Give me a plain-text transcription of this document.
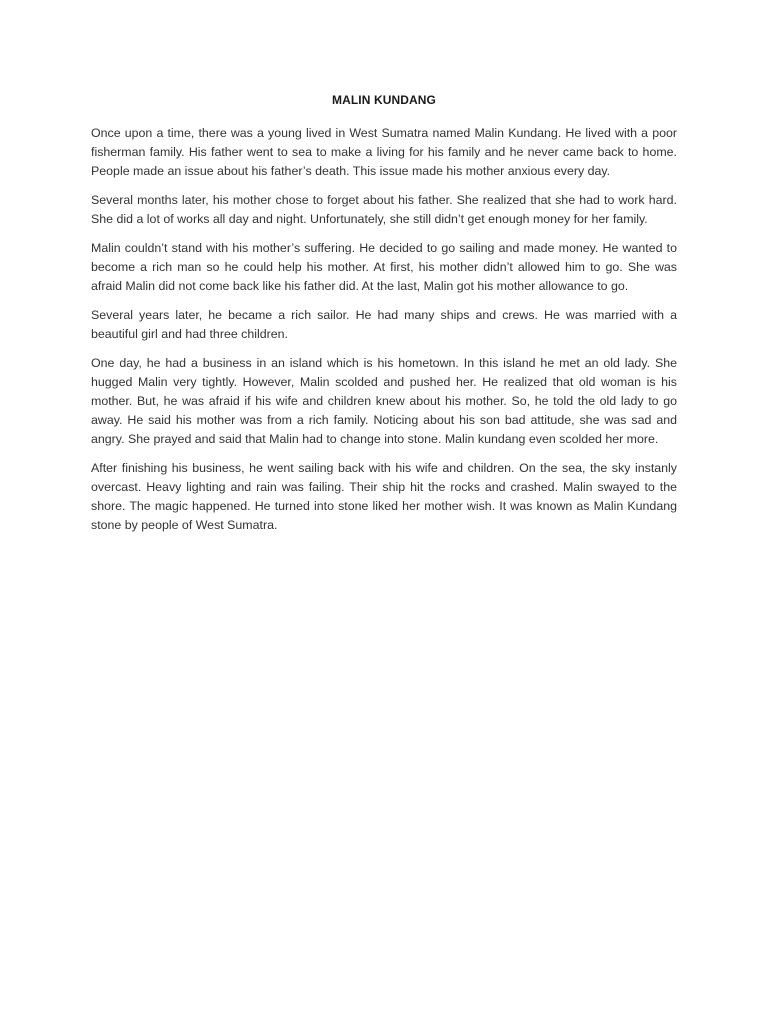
MALIN KUNDANG

Once upon a time, there was a young lived in West Sumatra named Malin Kundang. He lived with a poor fisherman family. His father went to sea to make a living for his family and he never came back to home. People made an issue about his father’s death. This issue made his mother anxious every day.

Several months later, his mother chose to forget about his father. She realized that she had to work hard. She did a lot of works all day and night. Unfortunately, she still didn’t get enough money for her family.

Malin couldn’t stand with his mother’s suffering. He decided to go sailing and made money. He wanted to become a rich man so he could help his mother. At first, his mother didn’t allowed him to go. She was afraid Malin did not come back like his father did. At the last, Malin got his mother allowance to go.

Several years later, he became a rich sailor. He had many ships and crews. He was married with a beautiful girl and had three children.

One day, he had a business in an island which is his hometown. In this island he met an old lady. She hugged Malin very tightly. However, Malin scolded and pushed her. He realized that old woman is his mother. But, he was afraid if his wife and children knew about his mother. So, he told the old lady to go away. He said his mother was from a rich family. Noticing about his son bad attitude, she was sad and angry. She prayed and said that Malin had to change into stone. Malin kundang even scolded her more.

After finishing his business, he went sailing back with his wife and children. On the sea, the sky instanly overcast. Heavy lighting and rain was failing. Their ship hit the rocks and crashed. Malin swayed to the shore. The magic happened. He turned into stone liked her mother wish. It was known as Malin Kundang stone by people of West Sumatra.
